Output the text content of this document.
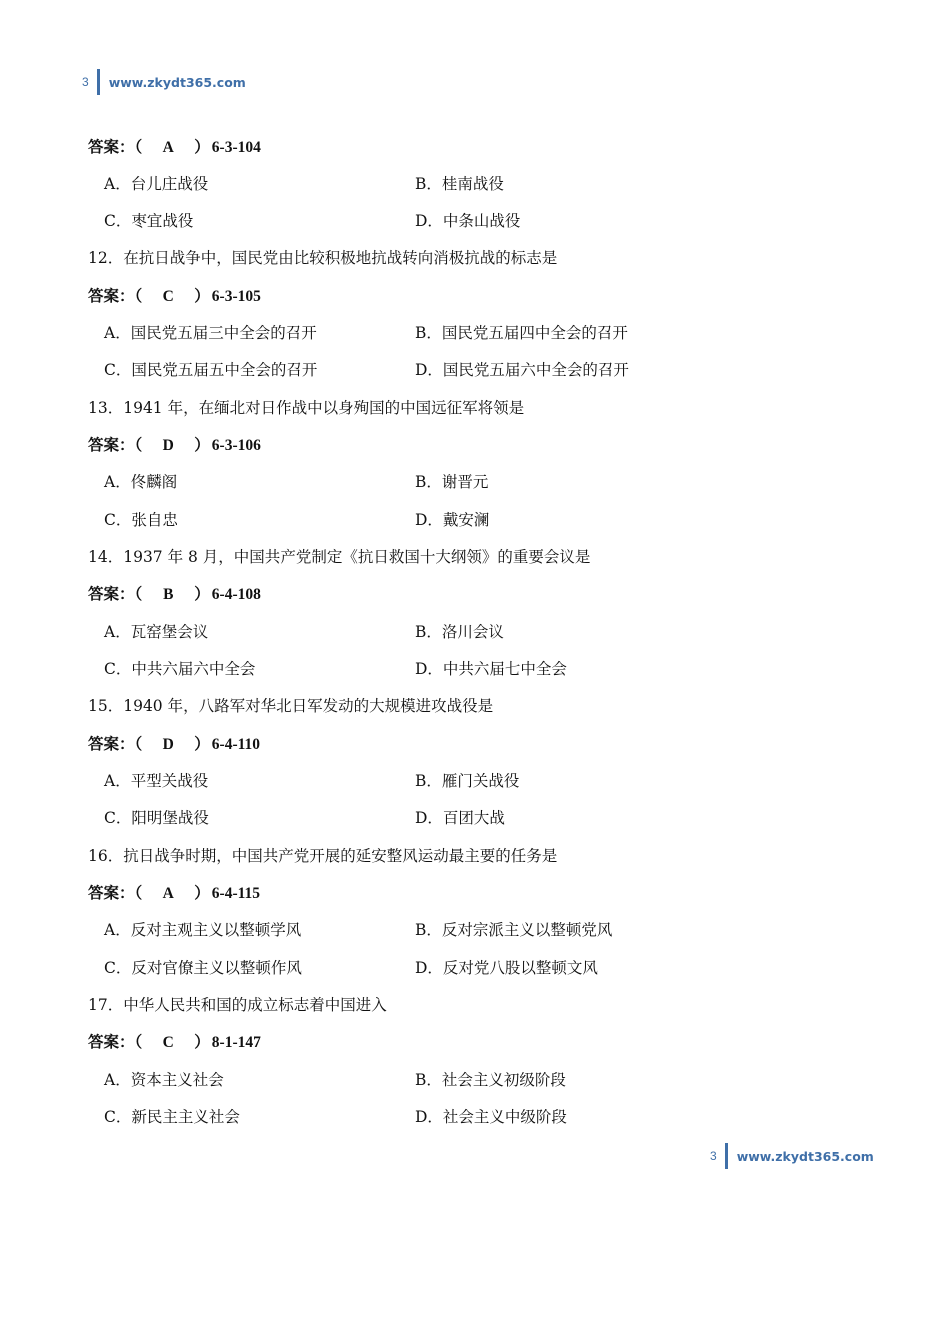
3 www.zkydt365.com
答案：（ A ） 6-3-104
A．台儿庄战役	B．桂南战役
C．枣宜战役	D．中条山战役
12．在抗日战争中，国民党由比较积极地抗战转向消极抗战的标志是
答案：（ C ） 6-3-105
A．国民党五届三中全会的召开	B．国民党五届四中全会的召开
C．国民党五届五中全会的召开	D．国民党五届六中全会的召开
13．1941 年，在缅北对日作战中以身殉国的中国远征军将领是
答案：（ D ） 6-3-106
A．佟麟阁	B．谢晋元
C．张自忠	D．戴安澜
14．1937 年 8 月，中国共产党制定《抗日救国十大纲领》的重要会议是
答案：（ B ） 6-4-108
A．瓦窑堡会议	B．洛川会议
C．中共六届六中全会	D．中共六届七中全会
15．1940 年，八路军对华北日军发动的大规模进攻战役是
答案：（ D ） 6-4-110
A．平型关战役	B．雁门关战役
C．阳明堡战役	D．百团大战
16．抗日战争时期，中国共产党开展的延安整风运动最主要的任务是
答案：（ A ） 6-4-115
A．反对主观主义以整顿学风	B．反对宗派主义以整顿党风
C．反对官僚主义以整顿作风	D．反对党八股以整顿文风
17．中华人民共和国的成立标志着中国进入
答案：（ C ） 8-1-147
A．资本主义社会	B．社会主义初级阶段
C．新民主主义社会	D．社会主义中级阶段
3 www.zkydt365.com
